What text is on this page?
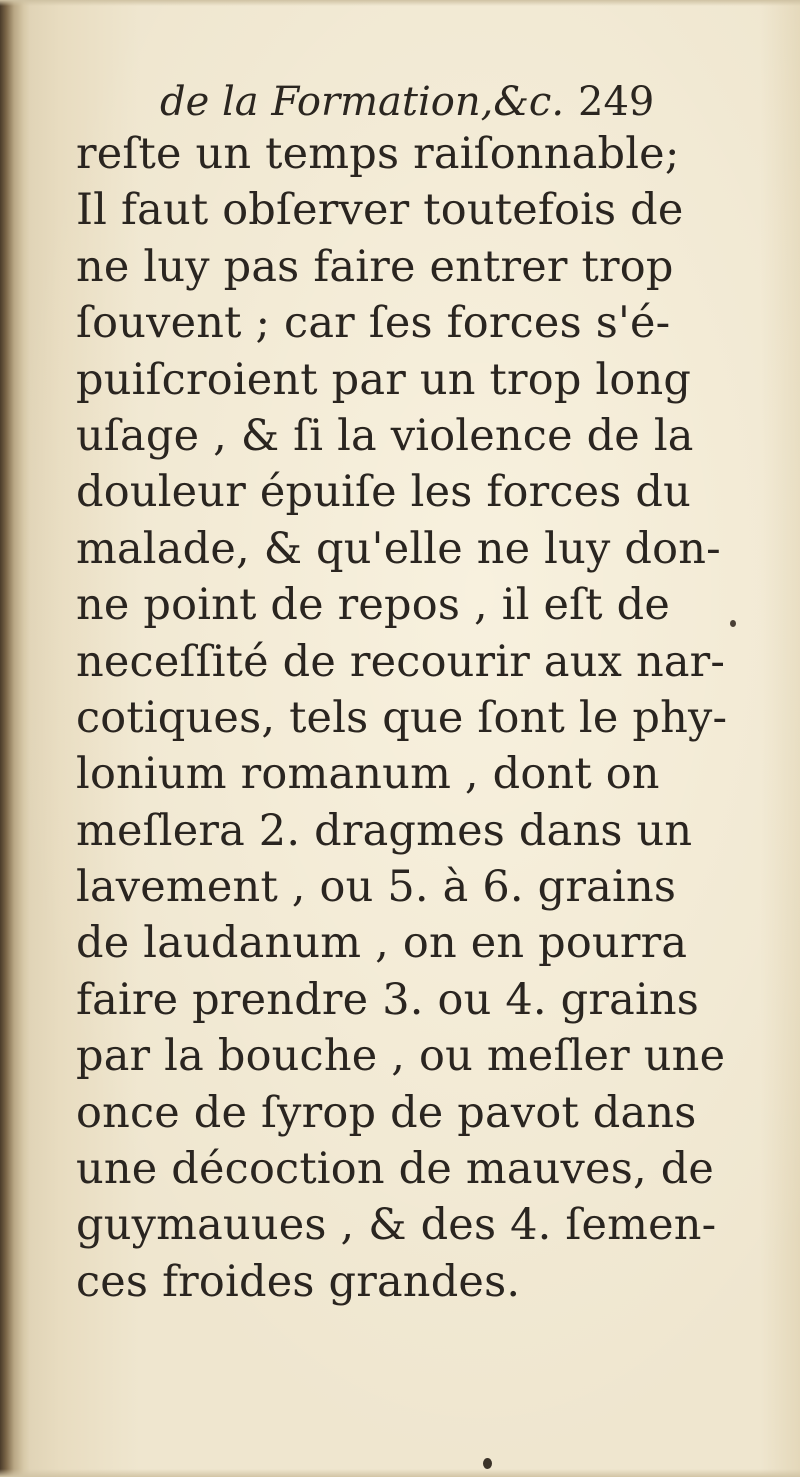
de la Formation,&c. 249
reſte un temps raiſonnable;
Il faut obſerver toutefois de
ne luy pas faire entrer trop
ſouvent ; car ſes forces s'é-
puiſcroient par un trop long
uſage , & ſi la violence de la
douleur épuiſe les forces du
malade, & qu'elle ne luy don-
ne point de repos , il eſt de
neceſſité de recourir aux nar-
cotiques, tels que ſont le phy-
lonium romanum , dont on
meſlera 2. dragmes dans un
lavement , ou 5. à 6. grains
de laudanum , on en pourra
faire prendre 3. ou 4. grains
par la bouche , ou meſler une
once de ſyrop de pavot dans
une décoction de mauves, de
guymauues , & des 4. ſemen-
ces froides grandes.
